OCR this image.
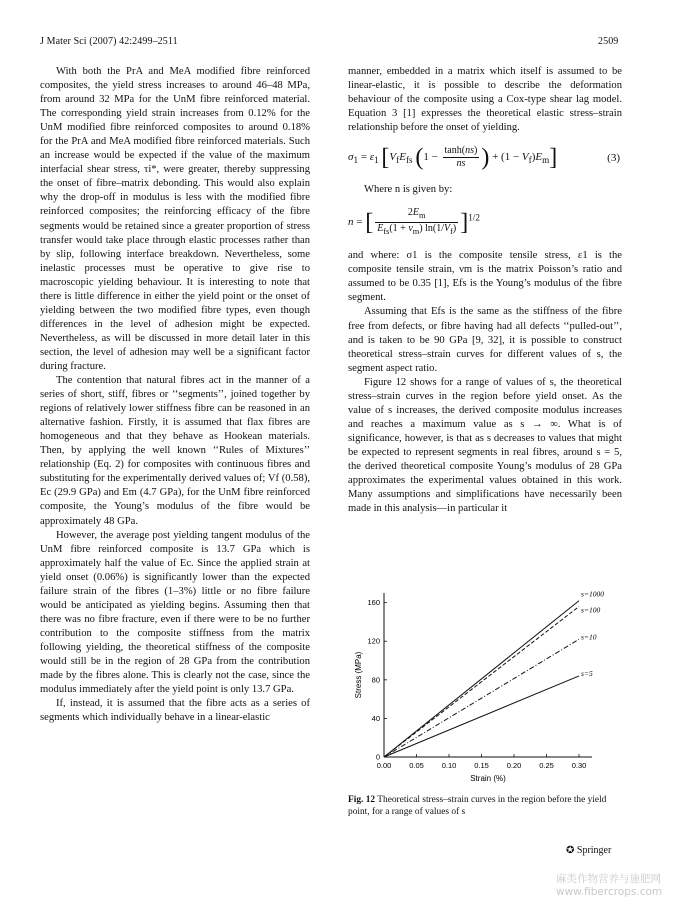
J Mater Sci (2007) 42:2499–2511	2509

With both the PrA and MeA modified fibre reinforced composites, the yield stress increases to around 46–48 MPa, from around 32 MPa for the UnM fibre reinforced material. The corresponding yield strain increases from 0.12% for the UnM modified fibre reinforced composites to around 0.18% for the PrA and MeA modified fibre reinforced materials. Such an increase would be expected if the value of the maximum interfacial shear stress, τi*, were greater, thereby suppressing the onset of fibre–matrix debonding. This would also explain why the drop-off in modulus is less with the modified fibre reinforced composites; the reinforcing efficacy of the fibre segments would be retained since a greater proportion of stress transfer would take place through elastic processes rather than by slip, following interface breakdown. Nevertheless, some inelastic processes must be operative to give rise to macroscopic yielding behaviour. It is interesting to note that there is little difference in either the yield point or the onset of yielding between the two modified fibre types, even though differences in the level of adhesion might be expected. Nevertheless, as will be discussed in more detail later in this section, the level of adhesion may well be a significant factor during fracture.

The contention that natural fibres act in the manner of a series of short, stiff, fibres or ‘‘segments’’, joined together by regions of relatively lower stiffness fibre can be reasoned in an alternative fashion. Firstly, it is assumed that flax fibres are homogeneous and that they behave as Hookean materials. Then, by applying the well known ‘‘Rules of Mixtures’’ relationship (Eq. 2) for composites with continuous fibres and substituting for the experimentally derived values of; Vf (0.58), Ec (29.9 GPa) and Em (4.7 GPa), for the UnM fibre reinforced composite, the Young’s modulus of the fibre would be approximately 48 GPa.

However, the average post yielding tangent modulus of the UnM fibre reinforced composite is 13.7 GPa which is approximately half the value of Ec. Since the applied strain at yield onset (0.06%) is significantly lower than the expected failure strain of the fibres (1–3%) little or no fibre failure would be anticipated as yielding begins. Assuming then that there was no fibre fracture, even if there were to be no further contribution to the composite stiffness from the matrix following yielding, the theoretical stiffness of the composite would still be in the region of 28 GPa from the contribution made by the fibres alone. This is clearly not the case, since the modulus immediately after the yield point is only 13.7 GPa.

If, instead, it is assumed that the fibre acts as a series of segments which individually behave in a linear-elastic

manner, embedded in a matrix which itself is assumed to be linear-elastic, it is possible to describe the deformation behaviour of the composite using a Cox-type shear lag model. Equation 3 [1] expresses the theoretical elastic stress–strain relationship before the onset of yielding.

$\sigma_1 = \varepsilon_1$ [$V_fE_{fs}$ ($1 - \frac{\tanh(ns)}{ns}$ ) + $(1 - V_f)E_m$]	(3)

Where n is given by:

n = [ $\frac{2E_m}{E_{fs}(1 + \nu_m) \ln(1/V_f)} ]^{1/2}$

and where: σ1 is the composite tensile stress, ε1 is the composite tensile strain, νm is the matrix Poisson’s ratio and assumed to be 0.35 [1], Efs is the Young’s modulus of the fibre segment.

Assuming that Efs is the same as the stiffness of the fibre free from defects, or fibre having had all defects ‘‘pulled-out’’, and is taken to be 90 GPa [9, 32], it is possible to construct theoretical stress–strain curves for different values of s, the segment aspect ratio.

Figure 12 shows for a range of values of s, the theoretical stress–strain curves in the region before yield onset. As the value of s increases, the derived composite modulus increases and reaches a maximum value as s → ∞. What is of significance, however, is that as s decreases to values that might be expected to represent segments in real fibres, around s = 5, the derived theoretical composite Young’s modulus of 28 GPa approximates the experimental values obtained in this work. Many assumptions and simplifications have necessarily been made in this analysis—in particular it

0.00 0.05 0.10 0.15 0.20 0.25 0.30
0
40
80
120
160
Strain (%)
Stress (MPa)
s=1000
s=100
s=10
s=5
Fig. 12 Theoretical stress–strain curves in the region before the yield point, for a range of values of s
✪ Springer
麻类作物营养与施肥网
www.fibercrops.com
